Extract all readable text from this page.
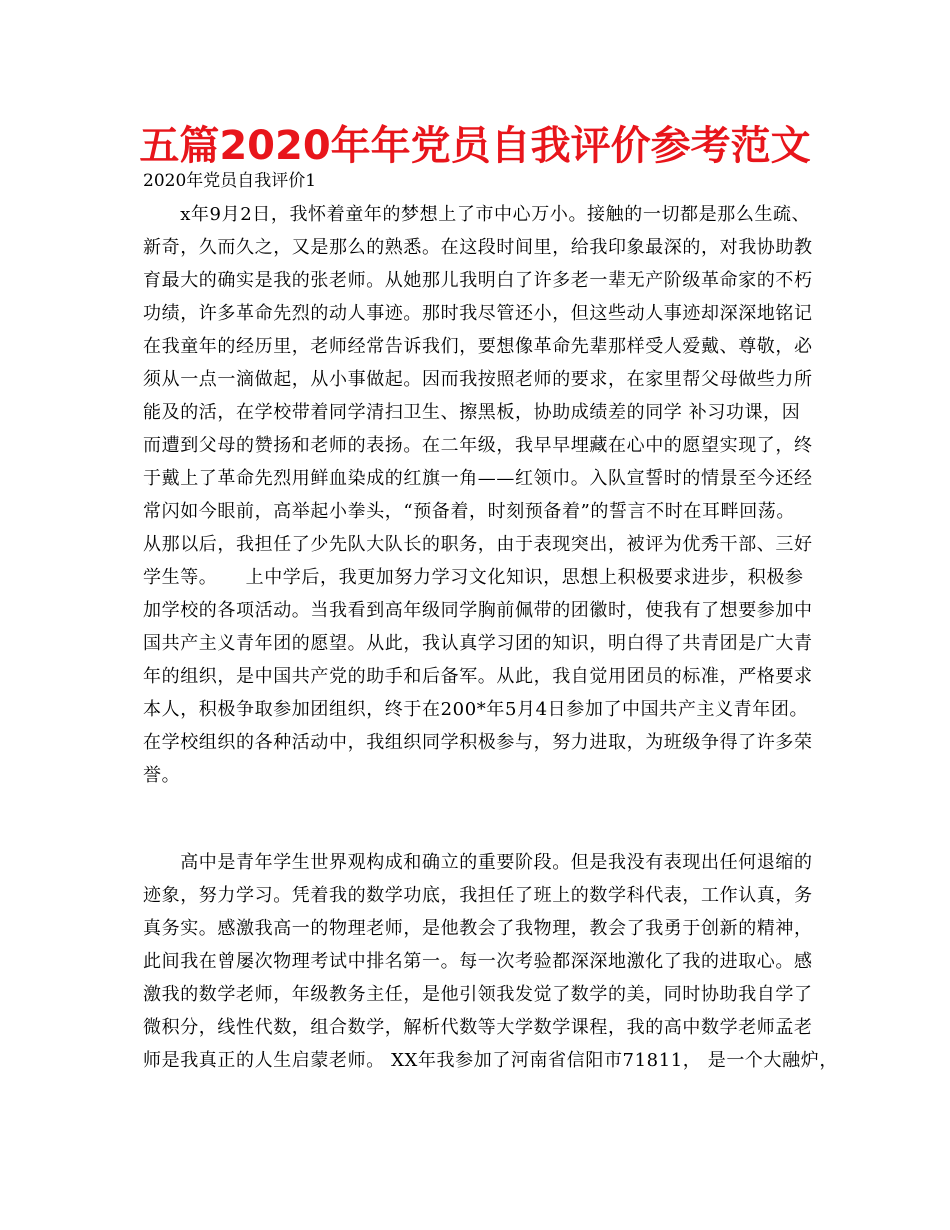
五篇2020年年党员自我评价参考范文
2020年党员自我评价1
　　x年9月2日，我怀着童年的梦想上了市中心万小。接触的一切都是那么生疏、
新奇，久而久之，又是那么的熟悉。在这段时间里，给我印象最深的，对我协助教
育最大的确实是我的张老师。从她那儿我明白了许多老一辈无产阶级革命家的不朽
功绩，许多革命先烈的动人事迹。那时我尽管还小，但这些动人事迹却深深地铭记
在我童年的经历里，老师经常告诉我们，要想像革命先辈那样受人爱戴、尊敬，必
须从一点一滴做起，从小事做起。因而我按照老师的要求，在家里帮父母做些力所
能及的活，在学校带着同学清扫卫生、擦黑板，协助成绩差的同学 补习功课，因
而遭到父母的赞扬和老师的表扬。在二年级，我早早埋藏在心中的愿望实现了，终
于戴上了革命先烈用鲜血染成的红旗一角——红领巾。入队宣誓时的情景至今还经
常闪如今眼前，高举起小拳头，“预备着，时刻预备着”的誓言不时在耳畔回荡。
从那以后，我担任了少先队大队长的职务，由于表现突出，被评为优秀干部、三好
学生等。　　上中学后，我更加努力学习文化知识，思想上积极要求进步，积极参
加学校的各项活动。当我看到高年级同学胸前佩带的团徽时，使我有了想要参加中
国共产主义青年团的愿望。从此，我认真学习团的知识，明白得了共青团是广大青
年的组织，是中国共产党的助手和后备军。从此，我自觉用团员的标准，严格要求
本人，积极争取参加团组织，终于在200*年5月4日参加了中国共产主义青年团。
在学校组织的各种活动中，我组织同学积极参与，努力进取，为班级争得了许多荣
誉。
　　高中是青年学生世界观构成和确立的重要阶段。但是我没有表现出任何退缩的
迹象，努力学习。凭着我的数学功底，我担任了班上的数学科代表，工作认真，务
真务实。感激我高一的物理老师，是他教会了我物理，教会了我勇于创新的精神，
此间我在曾屡次物理考试中排名第一。每一次考验都深深地激化了我的进取心。感
激我的数学老师，年级教务主任，是他引领我发觉了数学的美，同时协助我自学了
微积分，线性代数，组合数学，解析代数等大学数学课程，我的高中数学老师孟老
师是我真正的人生启蒙老师。 XX年我参加了河南省信阳市71811， 是一个大融炉，
